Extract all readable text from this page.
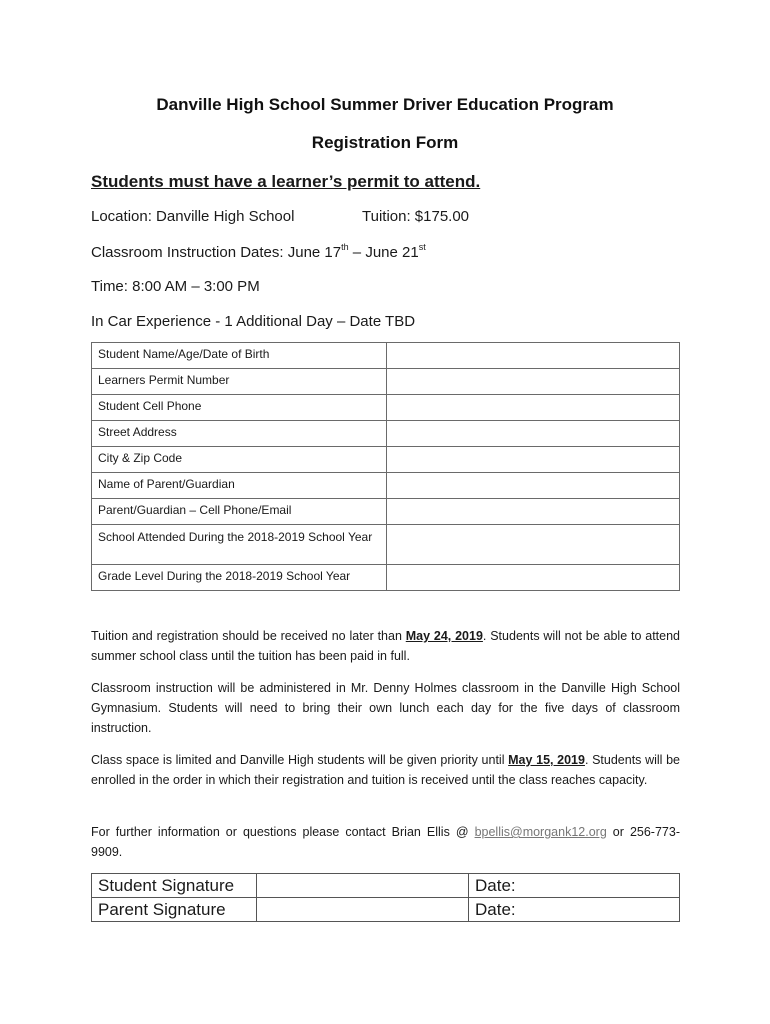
Danville High School Summer Driver Education Program
Registration Form
Students must have a learner’s permit to attend.
Location: Danville High School	Tuition: $175.00
Classroom Instruction Dates: June 17th – June 21st
Time: 8:00 AM – 3:00 PM
In Car Experience - 1 Additional Day – Date TBD
Student Name/Age/Date of Birth	
Learners Permit Number	
Student Cell Phone	
Street Address	
City & Zip Code	
Name of Parent/Guardian	
Parent/Guardian – Cell Phone/Email	
School Attended During the 2018-2019 School Year	
Grade Level During the 2018-2019 School Year	
Tuition and registration should be received no later than May 24, 2019. Students will not be able to attend summer school class until the tuition has been paid in full.
Classroom instruction will be administered in Mr. Denny Holmes classroom in the Danville High School Gymnasium. Students will need to bring their own lunch each day for the five days of classroom instruction.
Class space is limited and Danville High students will be given priority until May 15, 2019. Students will be enrolled in the order in which their registration and tuition is received until the class reaches capacity.
For further information or questions please contact Brian Ellis @ bpellis@morgank12.org or 256-773-9909.
Student Signature		Date:
Parent Signature		Date:
